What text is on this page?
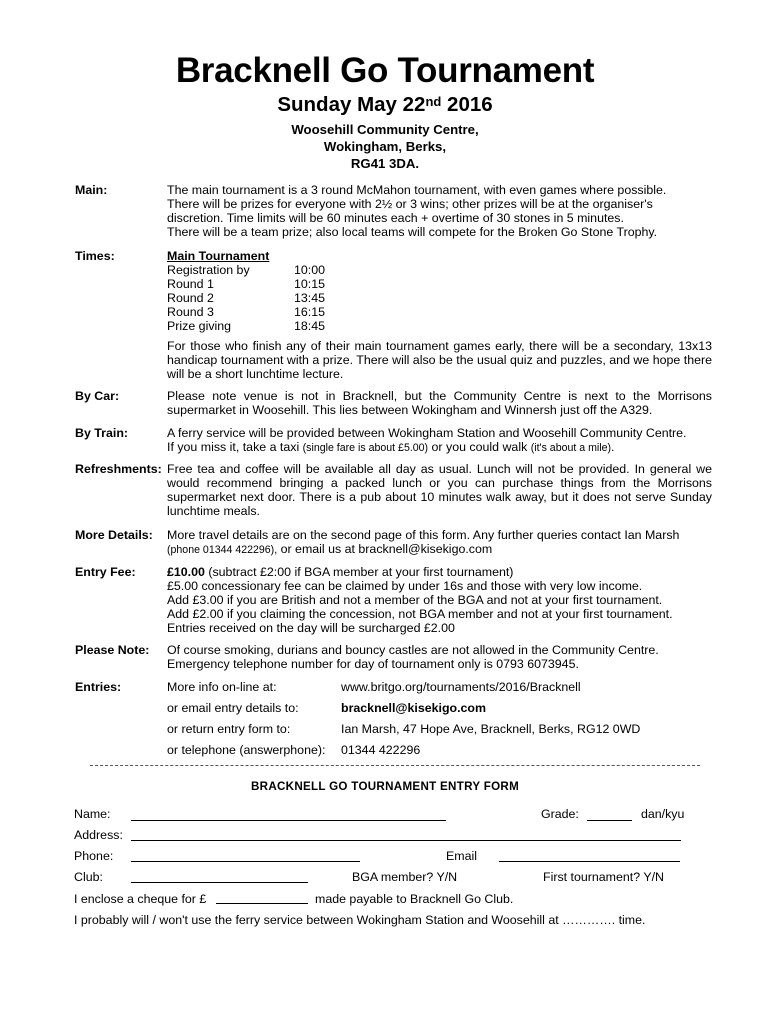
Bracknell Go Tournament
Sunday May 22nd 2016
Woosehill Community Centre,
Wokingham, Berks,
RG41 3DA.
Main:	The main tournament is a 3 round McMahon tournament, with even games where possible.
There will be prizes for everyone with 2½ or 3 wins; other prizes will be at the organiser's
discretion. Time limits will be 60 minutes each + overtime of 30 stones in 5 minutes.
There will be a team prize; also local teams will compete for the Broken Go Stone Trophy.
Times:	Main Tournament
Registration by	10:00
Round 1	10:15
Round 2	13:45
Round 3	16:15
Prize giving	18:45
For those who finish any of their main tournament games early, there will be a secondary, 13x13 handicap tournament with a prize. There will also be the usual quiz and puzzles, and we hope there will be a short lunchtime lecture.
By Car:	Please note venue is not in Bracknell, but the Community Centre is next to the Morrisons supermarket in Woosehill. This lies between Wokingham and Winnersh just off the A329.
By Train:	A ferry service will be provided between Wokingham Station and Woosehill Community Centre.
If you miss it, take a taxi (single fare is about £5.00) or you could walk (it's about a mile).
Refreshments: Free tea and coffee will be available all day as usual. Lunch will not be provided. In general we would recommend bringing a packed lunch or you can purchase things from the Morrisons supermarket next door. There is a pub about 10 minutes walk away, but it does not serve Sunday lunchtime meals.
More Details: More travel details are on the second page of this form. Any further queries contact Ian Marsh
(phone 01344 422296), or email us at bracknell@kisekigo.com
Entry Fee:	£10.00 (subtract £2:00 if BGA member at your first tournament)
£5.00 concessionary fee can be claimed by under 16s and those with very low income.
Add £3.00 if you are British and not a member of the BGA and not at your first tournament.
Add £2.00 if you claiming the concession, not BGA member and not at your first tournament.
Entries received on the day will be surcharged £2.00
Please Note: Of course smoking, durians and bouncy castles are not allowed in the Community Centre.
Emergency telephone number for day of tournament only is 0793 6073945.
Entries:	More info on-line at:	www.britgo.org/tournaments/2016/Bracknell
or email entry details to:	bracknell@kisekigo.com
or return entry form to:	Ian Marsh, 47 Hope Ave, Bracknell, Berks, RG12 0WD
or telephone (answerphone): 01344 422296
BRACKNELL GO TOURNAMENT ENTRY FORM
Name:	Grade:	dan/kyu
Address:
Phone:	Email
Club:	BGA member? Y/N	First tournament? Y/N
I enclose a cheque for £	made payable to Bracknell Go Club.
I probably will / won't use the ferry service between Wokingham Station and Woosehill at …………. time.
